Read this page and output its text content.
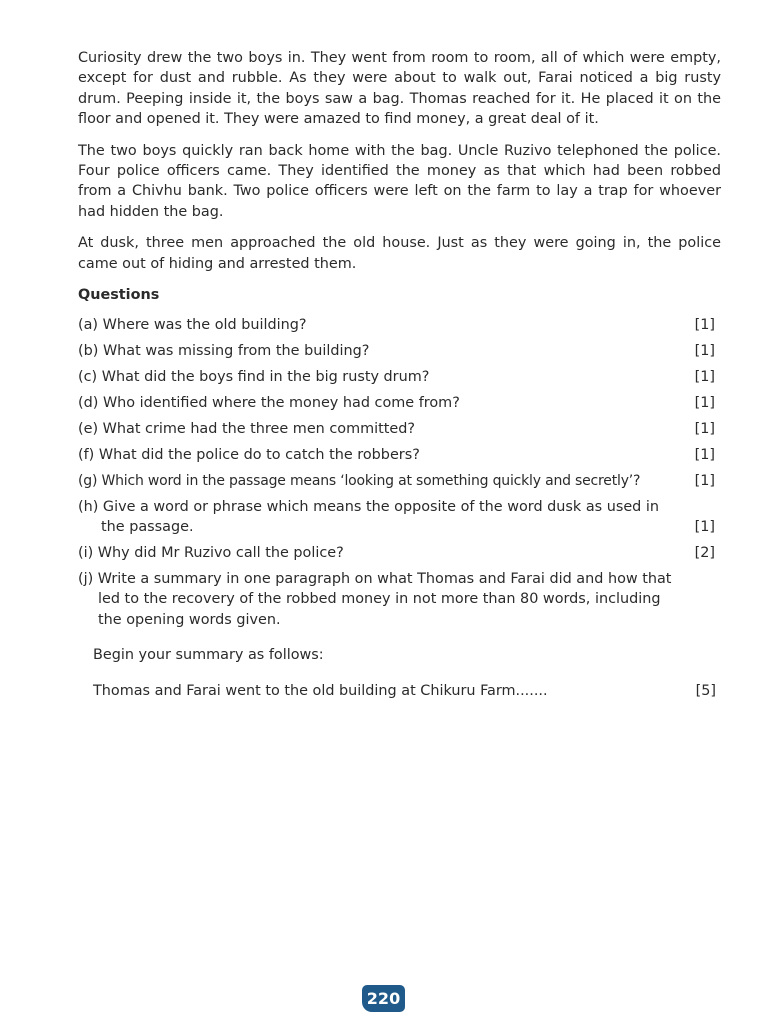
Curiosity drew the two boys in. They went from room to room, all of which were empty, except for dust and rubble. As they were about to walk out, Farai noticed a big rusty drum. Peeping inside it, the boys saw a bag. Thomas reached for it. He placed it on the floor and opened it. They were amazed to find money, a great deal of it.

The two boys quickly ran back home with the bag. Uncle Ruzivo telephoned the police. Four police officers came. They identified the money as that which had been robbed from a Chivhu bank. Two police officers were left on the farm to lay a trap for whoever had hidden the bag.

At dusk, three men approached the old house. Just as they were going in, the police came out of hiding and arrested them.

Questions
(a) Where was the old building?	[1]
(b) What was missing from the building?	[1]
(c) What did the boys find in the big rusty drum?	[1]
(d) Who identified where the money had come from?	[1]
(e) What crime had the three men committed?	[1]
(f) What did the police do to catch the robbers?	[1]
(g) Which word in the passage means ‘looking at something quickly and secretly’?	[1]
(h) Give a word or phrase which means the opposite of the word dusk as used in the passage.	[1]
(i) Why did Mr Ruzivo call the police?	[2]
(j) Write a summary in one paragraph on what Thomas and Farai did and how that led to the recovery of the robbed money in not more than 80 words, including the opening words given.
Begin your summary as follows:
Thomas and Farai went to the old building at Chikuru Farm.......	[5]
220
